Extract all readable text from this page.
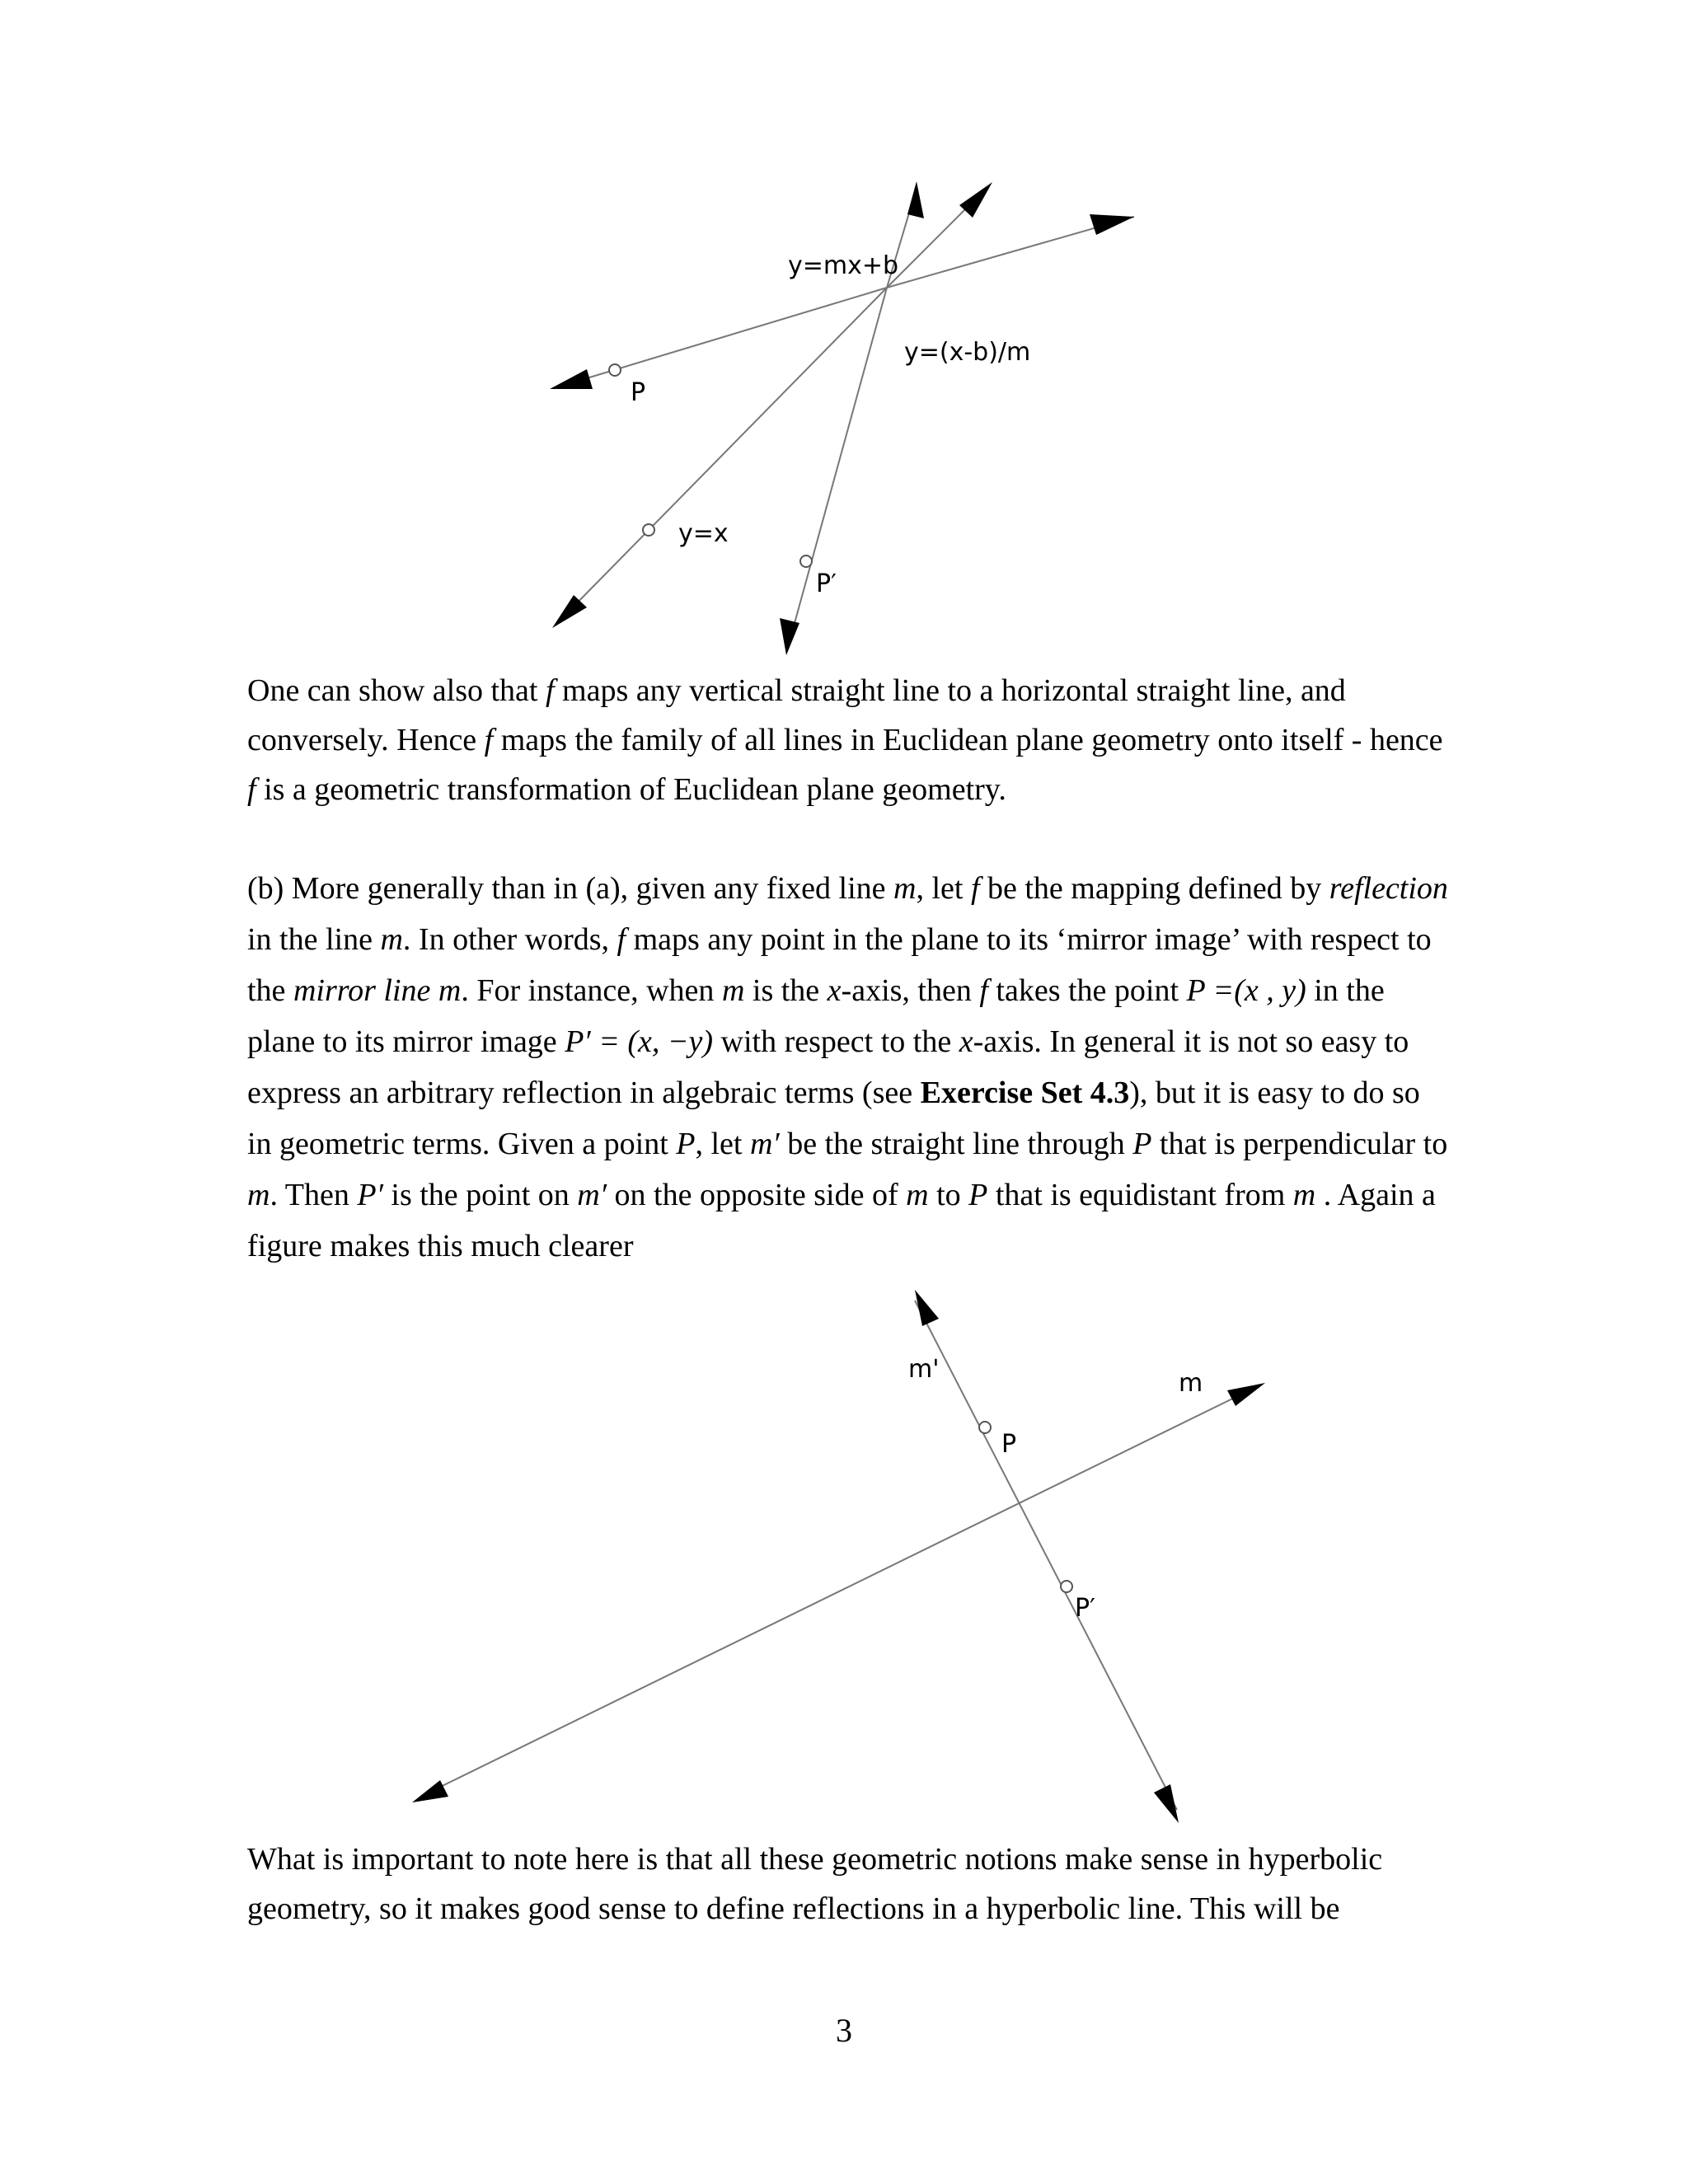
y=mx+b
y=(x-b)/m
y=x
P
P′

One can show also that f maps any vertical straight line to a horizontal straight line, and conversely. Hence f maps the family of all lines in Euclidean plane geometry onto itself - hence f is a geometric transformation of Euclidean plane geometry.

(b) More generally than in (a), given any fixed line m, let f be the mapping defined by reflection in the line m. In other words, f maps any point in the plane to its ‘mirror image’ with respect to the mirror line m. For instance, when m is the x-axis, then f takes the point P =(x , y) in the plane to its mirror image P′ = (x, −y) with respect to the x-axis. In general it is not so easy to express an arbitrary reflection in algebraic terms (see Exercise Set 4.3), but it is easy to do so in geometric terms. Given a point P, let m′ be the straight line through P that is perpendicular to m. Then P′ is the point on m′ on the opposite side of m to P that is equidistant from m . Again a figure makes this much clearer

m'	m
P
P′

What is important to note here is that all these geometric notions make sense in hyperbolic geometry, so it makes good sense to define reflections in a hyperbolic line. This will be

3
